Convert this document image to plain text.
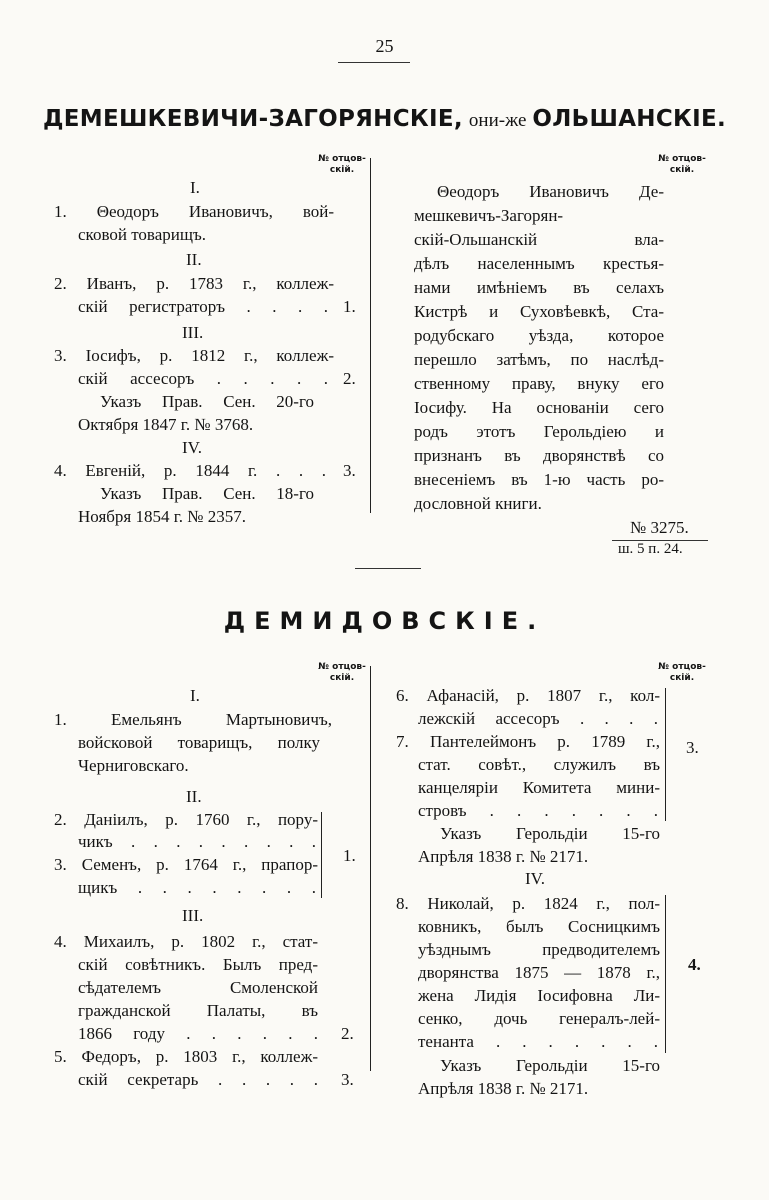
25
ДЕМЕШКЕВИЧИ-ЗАГОРЯНСКІЕ, они-же ОЛЬШАНСКІЕ.
№ отцов-
скій.
№ отцов-
скій.
I.
1. Θеодоръ Ивановичъ, вой-
сковой товарищъ.
II.
2. Иванъ, р. 1783 г., коллеж-
скій регистраторъ . . . . 1.
III.
3. Іосифъ, р. 1812 г., коллеж-
скій ассесоръ . . . . . 2.
Указъ Прав. Сен. 20-го
Октября 1847 г. № 3768.
IV.
4. Евгеній, р. 1844 г. . . . 3.
Указъ Прав. Сен. 18-го
Ноября 1854 г. № 2357.
Θеодоръ Ивановичъ Де-
мешкевичъ-Загорян-
скій-Ольшанскій вла-
дѣлъ населеннымъ крестья-
нами имѣніемъ въ селахъ
Кистрѣ и Суховѣевкѣ, Ста-
родубскаго уѣзда, которое
перешло затѣмъ, по наслѣд-
ственному праву, внуку его
Іосифу. На основаніи сего
родъ этотъ Герольдіею и
признанъ въ дворянствѣ со
внесеніемъ въ 1-ю часть ро-
дословной книги.
№ 3275.
ш. 5 п. 24.
ДЕМИДОВСКІЕ.
№ отцов-
скій.
№ отцов-
скій.
I.
1. Емельянъ Мартыновичъ,
войсковой товарищъ, полку
Черниговскаго.
II.
2. Даніилъ, р. 1760 г., пору-
чикъ . . . . . . . . .
3. Семенъ, р. 1764 г., прапор-
щикъ . . . . . . . .
1.
III.
4. Михаилъ, р. 1802 г., стат-
скій совѣтникъ. Былъ пред-
сѣдателемъ Смоленской
гражданской Палаты, въ
1866 году . . . . . . 2.
5. Федоръ, р. 1803 г., коллеж-
скій секретарь . . . . . 3.
6. Афанасій, р. 1807 г., кол-
лежскій ассесоръ . . . .
7. Пантелеймонъ р. 1789 г.,
стат. совѣт., служилъ въ
канцеляріи Комитета мини-
стровъ . . . . . . .
3.
Указъ Герольдіи 15-го
Апрѣля 1838 г. № 2171.
IV.
8. Николай, р. 1824 г., пол-
ковникъ, былъ Сосницкимъ
уѣзднымъ предводителемъ
дворянства 1875 — 1878 г.,
жена Лидія Іосифовна Ли-
сенко, дочь генералъ-лей-
тенанта . . . . . . .
4.
Указъ Герольдіи 15-го
Апрѣля 1838 г. № 2171.
